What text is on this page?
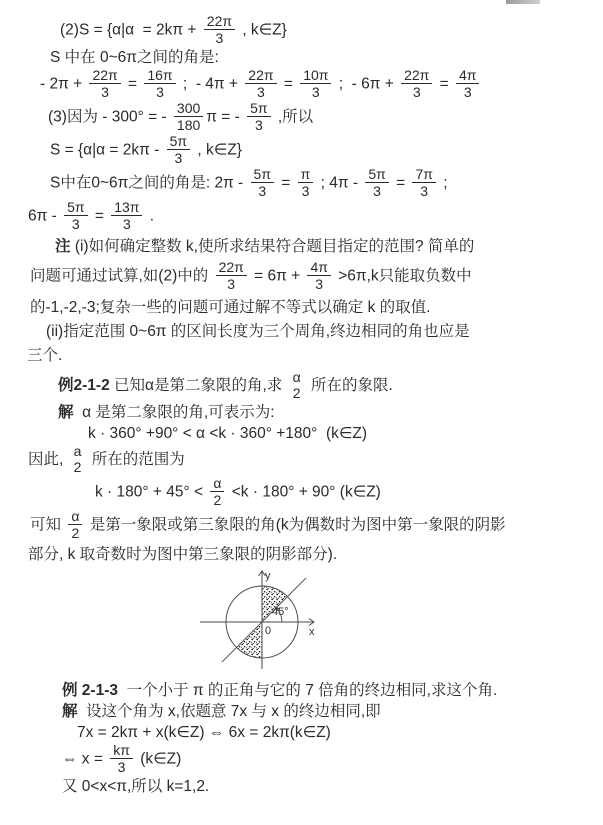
$(2)S = \{\alpha|\alpha = 2k\pi + \frac{22\pi}{3}$ , k∈Z}
S 中在 0~6π之间的角是:
- $2\pi + \frac{22\pi}{3} = \frac{16\pi}{3}$ ;  - $4\pi + \frac{22\pi}{3} = \frac{10\pi}{3}$ ;  - $6\pi + \frac{22\pi}{3} = \frac{4\pi}{3}$
(3)因为 - 300° = - $\frac{300}{180}$ π = - $\frac{5\pi}{3}$ ,所以
$S = \{\alpha|\alpha = 2k\pi - \frac{5\pi}{3}$ , k∈Z}
S中在0~6π之间的角是: $2\pi - \frac{5\pi}{3} = \frac{\pi}{3}$ ; $4\pi - \frac{5\pi}{3} = \frac{7\pi}{3}$ ;
$6\pi - \frac{5\pi}{3} = \frac{13\pi}{3}$ .
注 (i)如何确定整数 k,使所求结果符合题目指定的范围? 简单的
问题可通过试算,如(2)中的 $\frac{22\pi}{3} = 6\pi + \frac{4\pi}{3} >6\pi,k$只能取负数中
的-1,-2,-3;复杂一些的问题可通过解不等式以确定 k 的取值.
(ii)指定范围 0~6π 的区间长度为三个周角,终边相同的角也应是
三个.
例2-1-2 已知α是第二象限的角,求
α
2 所在的象限.
解  α 是第二象限的角,可表示为:
k · 360° +90° < α <k · 360° +180°  (k∈Z)
因此,
a
2 所在的范围为
$k \cdot 180^\circ + 45^\circ < \frac{\alpha}{2} <k \cdot 180^\circ + 90^\circ$ (k∈Z)
可知 $\frac{\alpha}{2}$ 是第一象限或第三象限的角(k为偶数时为图中第一象限的阴影
部分, k 取奇数时为图中第三象限的阴影部分).
45°
0	x
y
例 2-1-3  一个小于 π 的正角与它的 7 倍角的终边相同,求这个角.
解  设这个角为 x,依题意 7x 与 x 的终边相同,即
7x = 2kπ + x(k∈Z) ⇔ 6x = 2kπ(k∈Z)
⇔ $x = \frac{k\pi}{3}$ (k∈Z)
又 0<x<π,所以 k=1,2.
